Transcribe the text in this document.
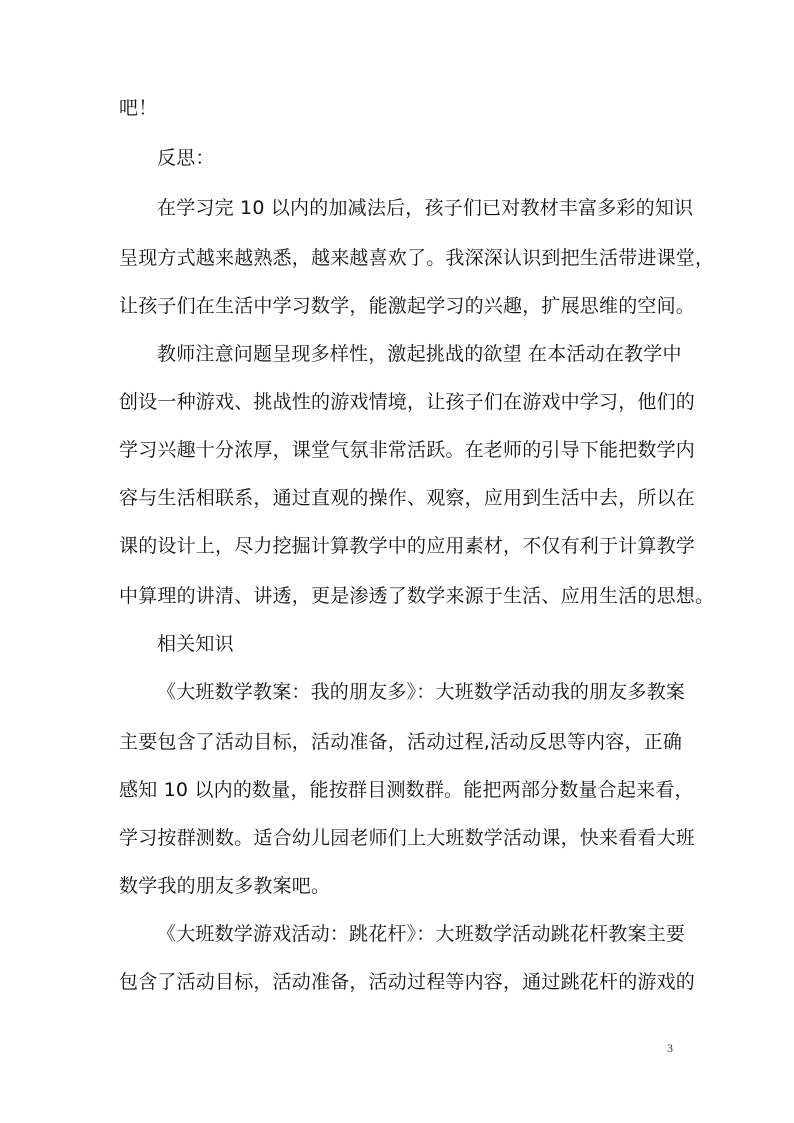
吧！
反思：
在学习完 10 以内的加减法后，孩子们已对教材丰富多彩的知识
呈现方式越来越熟悉，越来越喜欢了。我深深认识到把生活带进课堂，
让孩子们在生活中学习数学，能激起学习的兴趣，扩展思维的空间。
教师注意问题呈现多样性，激起挑战的欲望 在本活动在教学中
创设一种游戏、挑战性的游戏情境，让孩子们在游戏中学习，他们的
学习兴趣十分浓厚，课堂气氛非常活跃。在老师的引导下能把数学内
容与生活相联系，通过直观的操作、观察，应用到生活中去，所以在
课的设计上，尽力挖掘计算教学中的应用素材，不仅有利于计算教学
中算理的讲清、讲透，更是渗透了数学来源于生活、应用生活的思想。
相关知识
《大班数学教案：我的朋友多》：大班数学活动我的朋友多教案
主要包含了活动目标，活动准备，活动过程,活动反思等内容，正确
感知 10 以内的数量，能按群目测数群。能把两部分数量合起来看，
学习按群测数。适合幼儿园老师们上大班数学活动课，快来看看大班
数学我的朋友多教案吧。
《大班数学游戏活动：跳花杆》：大班数学活动跳花杆教案主要
包含了活动目标，活动准备，活动过程等内容，通过跳花杆的游戏的
3
